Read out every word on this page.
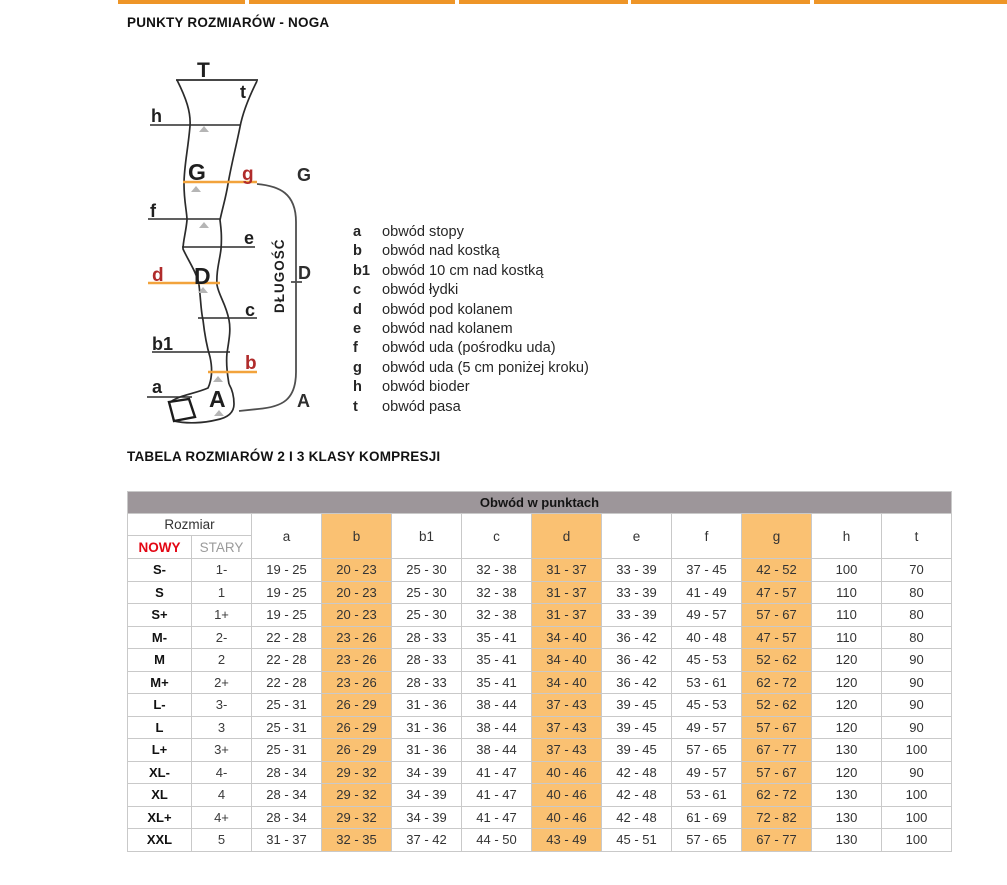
PUNKTY ROZMIARÓW - NOGA
T
t
h
G g G
f
e
d D	D
c
b1
b
a A	A
DŁUGOŚĆ
a	obwód stopy
b	obwód nad kostką
b1 obwód 10 cm nad kostką
c	obwód łydki
d	obwód pod kolanem
e	obwód nad kolanem
f	obwód uda (pośrodku uda)
g	obwód uda (5 cm poniżej kroku)
h	obwód bioder
t	obwód pasa
TABELA ROZMIARÓW 2 I 3 KLASY KOMPRESJI
Obwód w punktach											
Rozmiar		a	b	b1	c	d	e	f	g	h	t
NOWY	STARY										
S-	1-	19 - 25	20 - 23	25 - 30	32 - 38	31 - 37	33 - 39	37 - 45	42 - 52	100	70
S	1	19 - 25	20 - 23	25 - 30	32 - 38	31 - 37	33 - 39	41 - 49	47 - 57	110	80
S+	1+	19 - 25	20 - 23	25 - 30	32 - 38	31 - 37	33 - 39	49 - 57	57 - 67	110	80
M-	2-	22 - 28	23 - 26	28 - 33	35 - 41	34 - 40	36 - 42	40 - 48	47 - 57	110	80
M	2	22 - 28	23 - 26	28 - 33	35 - 41	34 - 40	36 - 42	45 - 53	52 - 62	120	90
M+	2+	22 - 28	23 - 26	28 - 33	35 - 41	34 - 40	36 - 42	53 - 61	62 - 72	120	90
L-	3-	25 - 31	26 - 29	31 - 36	38 - 44	37 - 43	39 - 45	45 - 53	52 - 62	120	90
L	3	25 - 31	26 - 29	31 - 36	38 - 44	37 - 43	39 - 45	49 - 57	57 - 67	120	90
L+	3+	25 - 31	26 - 29	31 - 36	38 - 44	37 - 43	39 - 45	57 - 65	67 - 77	130	100
XL-	4-	28 - 34	29 - 32	34 - 39	41 - 47	40 - 46	42 - 48	49 - 57	57 - 67	120	90
XL	4	28 - 34	29 - 32	34 - 39	41 - 47	40 - 46	42 - 48	53 - 61	62 - 72	130	100
XL+	4+	28 - 34	29 - 32	34 - 39	41 - 47	40 - 46	42 - 48	61 - 69	72 - 82	130	100
XXL	5	31 - 37	32 - 35	37 - 42	44 - 50	43 - 49	45 - 51	57 - 65	67 - 77	130	100
